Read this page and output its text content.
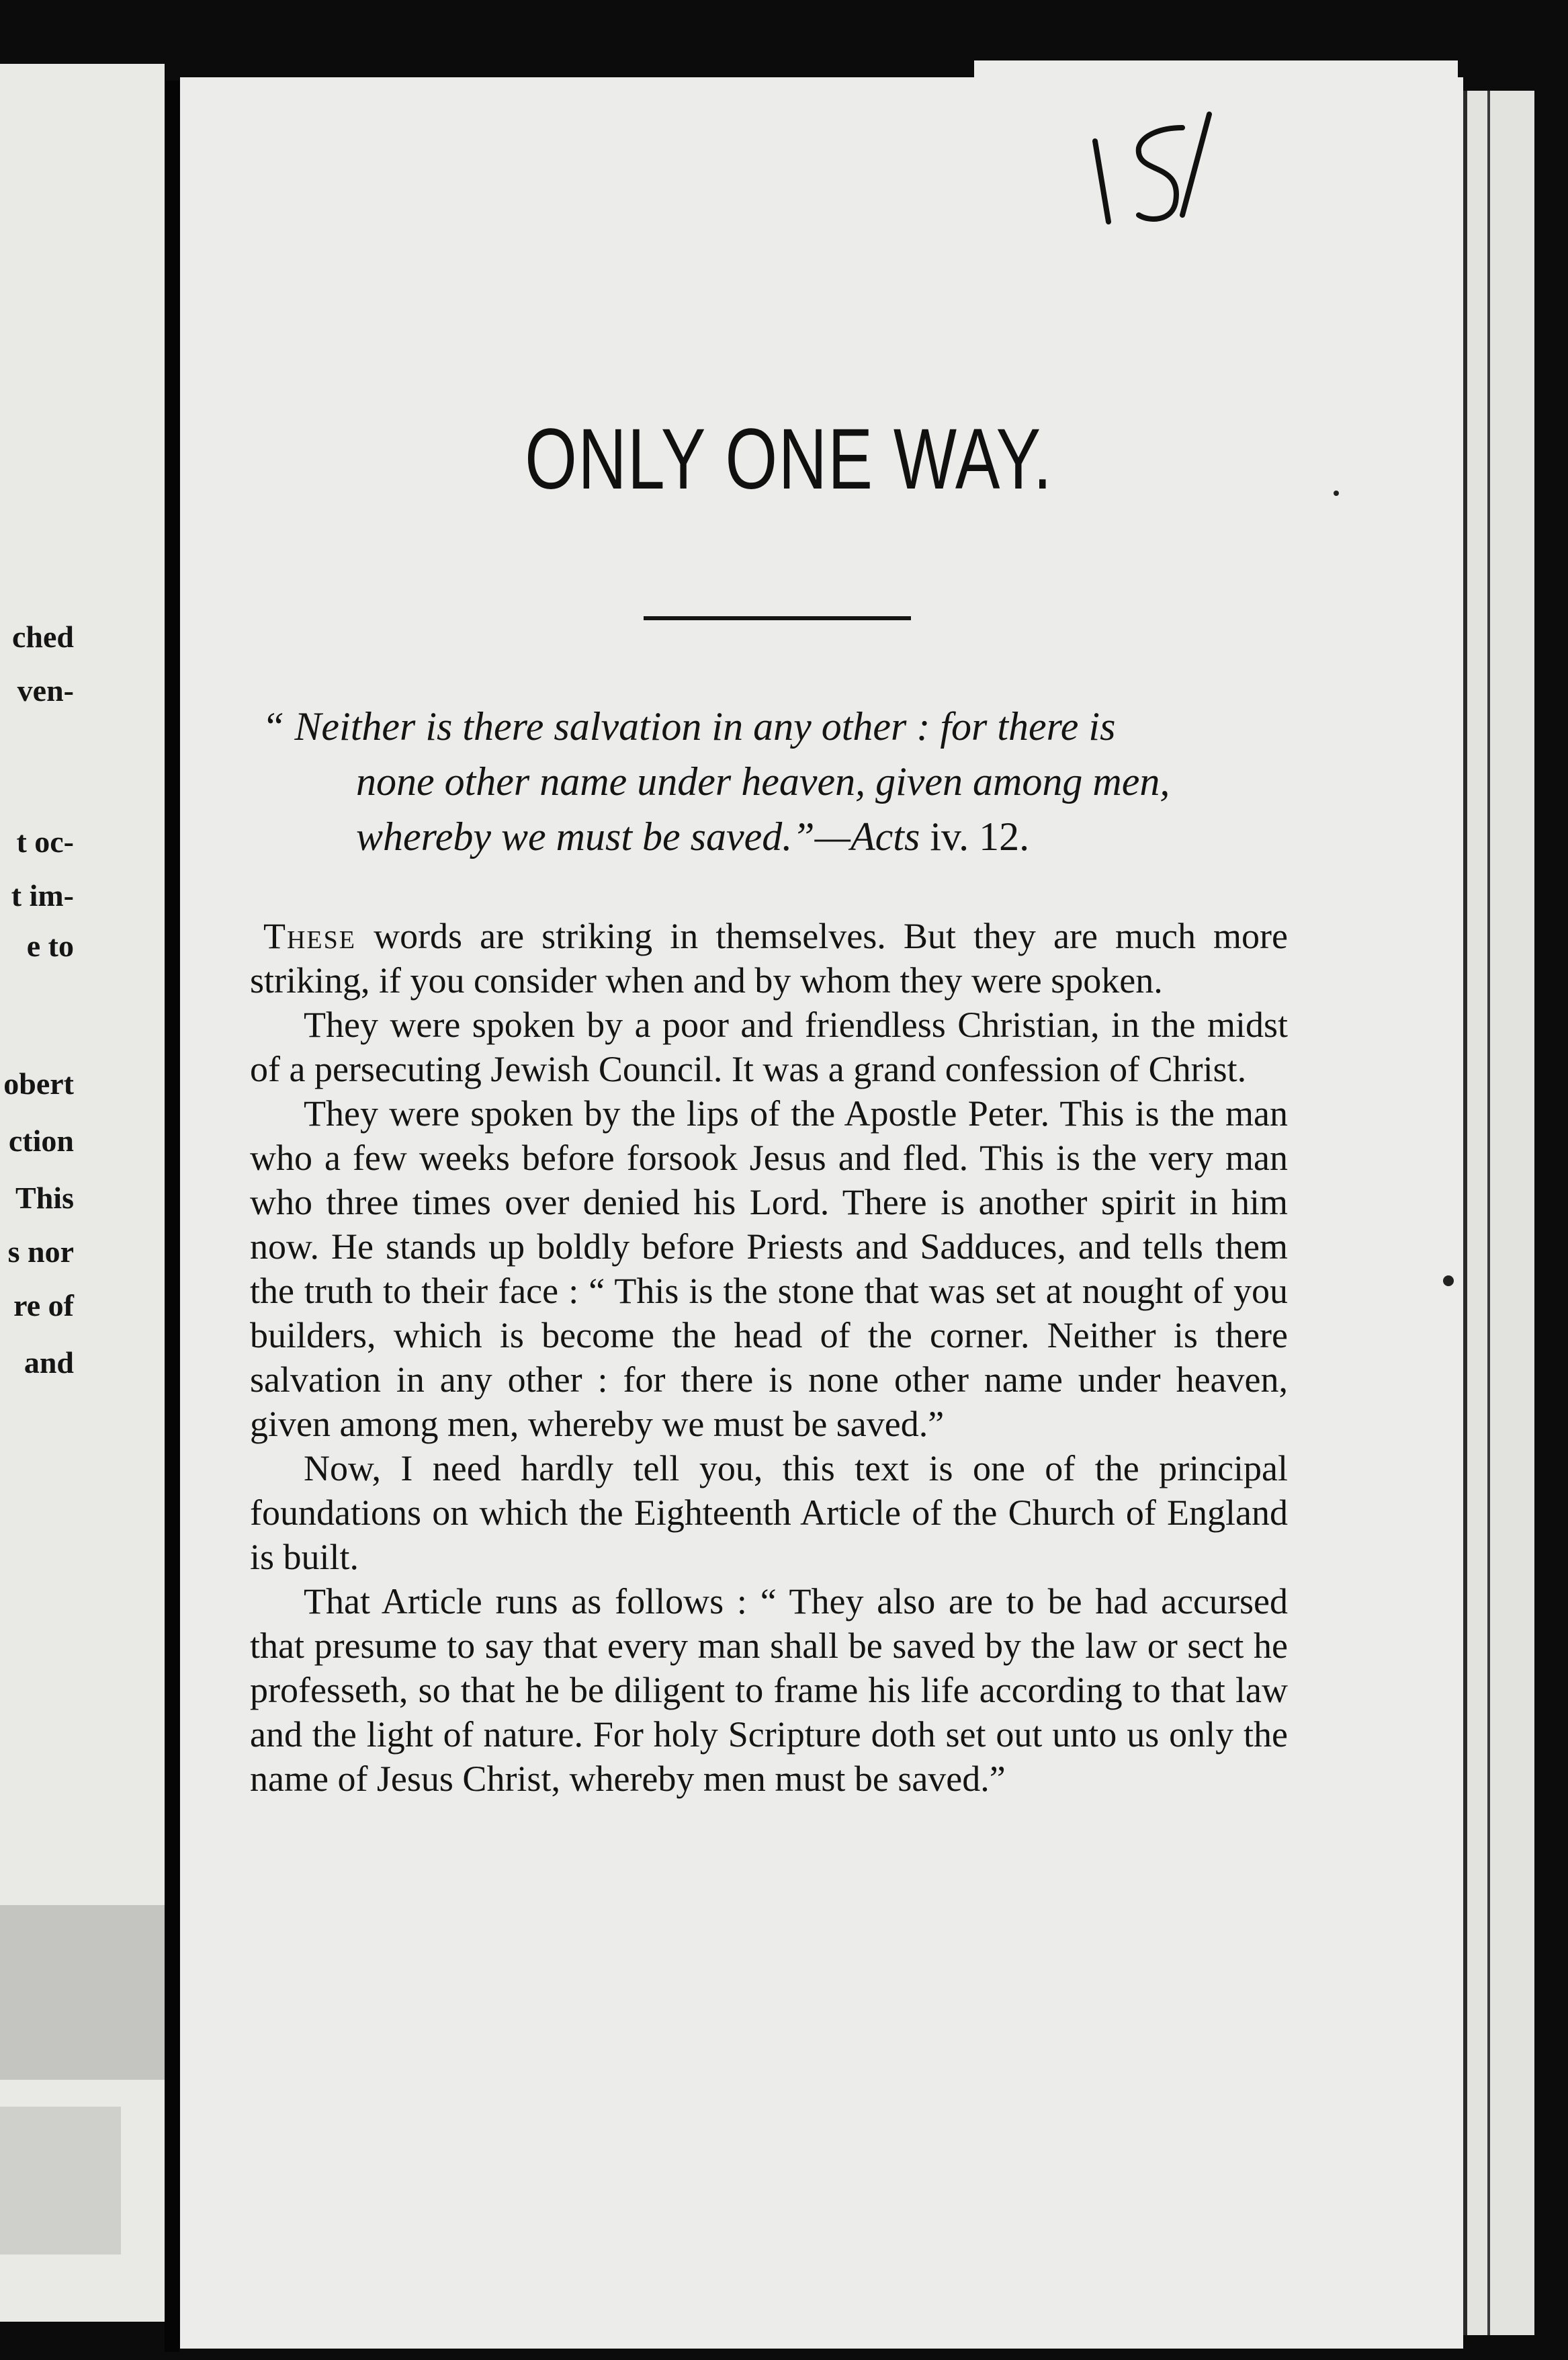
ched
ven-
t oc-
t im-
e to
obert
ction
This
s nor
re of
and
ONLY ONE WAY.
“ Neither is there salvation in any other : for there is
none other name under heaven, given among men,
whereby we must be saved.”—Acts iv. 12.

These words are striking in themselves. But they are much more striking, if you consider when and by whom they were spoken.

They were spoken by a poor and friendless Christian, in the midst of a persecuting Jewish Council. It was a grand confession of Christ.

They were spoken by the lips of the Apostle Peter. This is the man who a few weeks before forsook Jesus and fled. This is the very man who three times over denied his Lord. There is another spirit in him now. He stands up boldly before Priests and Sadduces, and tells them the truth to their face : “ This is the stone that was set at nought of you builders, which is become the head of the corner. Neither is there salvation in any other : for there is none other name under heaven, given among men, whereby we must be saved.”

Now, I need hardly tell you, this text is one of the principal foundations on which the Eighteenth Article of the Church of England is built.

That Article runs as follows : “ They also are to be had accursed that presume to say that every man shall be saved by the law or sect he professeth, so that he be diligent to frame his life according to that law and the light of nature. For holy Scripture doth set out unto us only the name of Jesus Christ, whereby men must be saved.”
